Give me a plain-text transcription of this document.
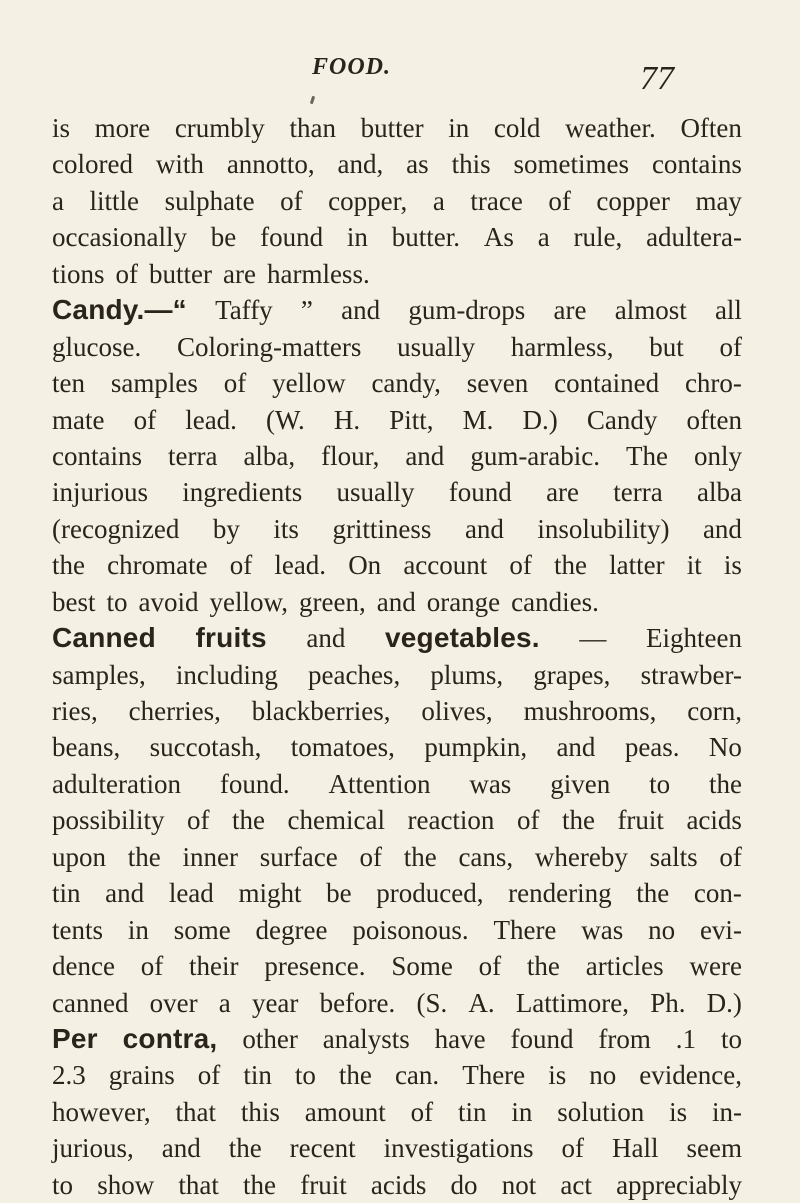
FOOD.	77
is more crumbly than butter in cold weather. Often
colored with annotto, and, as this sometimes contains
a little sulphate of copper, a trace of copper may
occasionally be found in butter. As a rule, adultera-
tions of butter are harmless.
Candy.—“ Taffy ” and gum-drops are almost all
glucose. Coloring-matters usually harmless, but of
ten samples of yellow candy, seven contained chro-
mate of lead. (W. H. Pitt, M. D.) Candy often
contains terra alba, flour, and gum-arabic. The only
injurious ingredients usually found are terra alba
(recognized by its grittiness and insolubility) and
the chromate of lead. On account of the latter it is
best to avoid yellow, green, and orange candies.
Canned fruits and vegetables. — Eighteen
samples, including peaches, plums, grapes, strawber-
ries, cherries, blackberries, olives, mushrooms, corn,
beans, succotash, tomatoes, pumpkin, and peas. No
adulteration found. Attention was given to the
possibility of the chemical reaction of the fruit acids
upon the inner surface of the cans, whereby salts of
tin and lead might be produced, rendering the con-
tents in some degree poisonous. There was no evi-
dence of their presence. Some of the articles were
canned over a year before. (S. A. Lattimore, Ph. D.)
Per contra, other analysts have found from .1 to
2.3 grains of tin to the can. There is no evidence,
however, that this amount of tin in solution is in-
jurious, and the recent investigations of Hall seem
to show that the fruit acids do not act appreciably
